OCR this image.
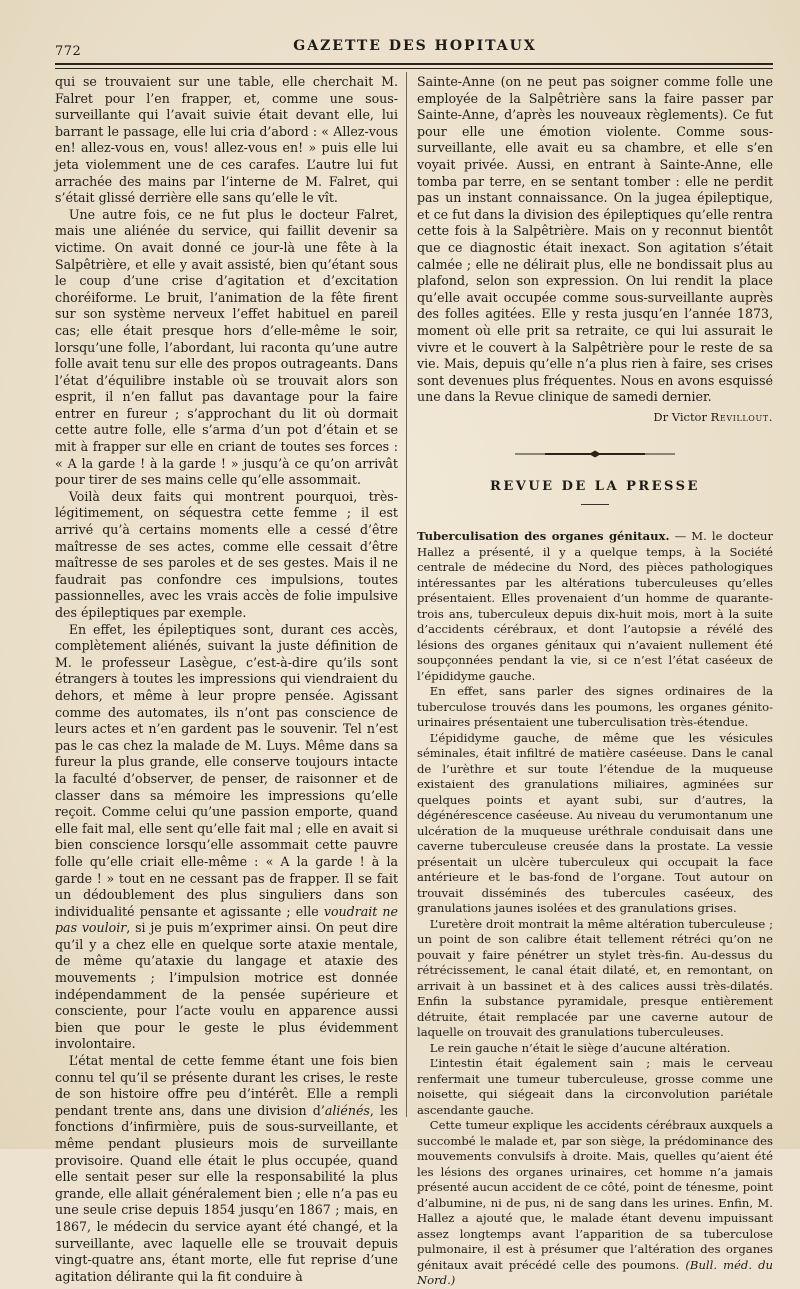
772	GAZETTE DES HOPITAUX

qui se trouvaient sur une table, elle cherchait M. Falret pour l’en frapper, et, comme une sous-surveillante qui l’avait suivie était devant elle, lui barrant le passage, elle lui cria d’abord : « Allez-vous en! allez-vous en, vous! allez-vous en! » puis elle lui jeta violemment une de ces carafes. L’autre lui fut arrachée des mains par l’interne de M. Falret, qui s’était glissé derrière elle sans qu’elle le vît.

Une autre fois, ce ne fut plus le docteur Falret, mais une aliénée du service, qui faillit devenir sa victime. On avait donné ce jour-là une fête à la Salpêtrière, et elle y avait assisté, bien qu’étant sous le coup d’une crise d’agitation et d’excitation choréiforme. Le bruit, l’animation de la fête firent sur son système nerveux l’effet habituel en pareil cas; elle était presque hors d’elle-même le soir, lorsqu’une folle, l’abordant, lui raconta qu’une autre folle avait tenu sur elle des propos outrageants. Dans l’état d’équilibre instable où se trouvait alors son esprit, il n’en fallut pas davantage pour la faire entrer en fureur ; s’approchant du lit où dormait cette autre folle, elle s’arma d’un pot d’étain et se mit à frapper sur elle en criant de toutes ses forces : « A la garde ! à la garde ! » jusqu’à ce qu’on arrivât pour tirer de ses mains celle qu’elle assommait.

Voilà deux faits qui montrent pourquoi, très-légitimement, on séquestra cette femme ; il est arrivé qu’à certains moments elle a cessé d’être maîtresse de ses actes, comme elle cessait d’être maîtresse de ses paroles et de ses gestes. Mais il ne faudrait pas confondre ces impulsions, toutes passionnelles, avec les vrais accès de folie impulsive des épileptiques par exemple.

En effet, les épileptiques sont, durant ces accès, complètement aliénés, suivant la juste définition de M. le professeur Lasègue, c’est-à-dire qu’ils sont étrangers à toutes les impressions qui viendraient du dehors, et même à leur propre pensée. Agissant comme des automates, ils n’ont pas conscience de leurs actes et n’en gardent pas le souvenir. Tel n’est pas le cas chez la malade de M. Luys. Même dans sa fureur la plus grande, elle conserve toujours intacte la faculté d’observer, de penser, de raisonner et de classer dans sa mémoire les impressions qu’elle reçoit. Comme celui qu’une passion emporte, quand elle fait mal, elle sent qu’elle fait mal ; elle en avait si bien conscience lorsqu’elle assommait cette pauvre folle qu’elle criait elle-même : « A la garde ! à la garde ! » tout en ne cessant pas de frapper. Il se fait un dédoublement des plus singuliers dans son individualité pensante et agissante ; elle voudrait ne pas vouloir, si je puis m’exprimer ainsi. On peut dire qu’il y a chez elle en quelque sorte ataxie mentale, de même qu’ataxie du langage et ataxie des mouvements ; l’impulsion motrice est donnée indépendamment de la pensée supérieure et consciente, pour l’acte voulu en apparence aussi bien que pour le geste le plus évidemment involontaire.

L’état mental de cette femme étant une fois bien connu tel qu’il se présente durant les crises, le reste de son histoire offre peu d’intérêt. Elle a rempli pendant trente ans, dans une division d’aliénés, les fonctions d’infirmière, puis de sous-surveillante, et même pendant plusieurs mois de surveillante provisoire. Quand elle était le plus occupée, quand elle sentait peser sur elle la responsabilité la plus grande, elle allait généralement bien ; elle n’a pas eu une seule crise depuis 1854 jusqu’en 1867 ; mais, en 1867, le médecin du service ayant été changé, et la surveillante, avec laquelle elle se trouvait depuis vingt-quatre ans, étant morte, elle fut reprise d’une agitation délirante qui la fit conduire à

Sainte-Anne (on ne peut pas soigner comme folle une employée de la Salpêtrière sans la faire passer par Sainte-Anne, d’après les nouveaux règlements). Ce fut pour elle une émotion violente. Comme sous-surveillante, elle avait eu sa chambre, et elle s’en voyait privée. Aussi, en entrant à Sainte-Anne, elle tomba par terre, en se sentant tomber : elle ne perdit pas un instant connaissance. On la jugea épileptique, et ce fut dans la division des épileptiques qu’elle rentra cette fois à la Salpêtrière. Mais on y reconnut bientôt que ce diagnostic était inexact. Son agitation s’était calmée ; elle ne délirait plus, elle ne bondissait plus au plafond, selon son expression. On lui rendit la place qu’elle avait occupée comme sous-surveillante auprès des folles agitées. Elle y resta jusqu’en l’année 1873, moment où elle prit sa retraite, ce qui lui assurait le vivre et le couvert à la Salpêtrière pour le reste de sa vie. Mais, depuis qu’elle n’a plus rien à faire, ses crises sont devenues plus fréquentes. Nous en avons esquissé une dans la Revue clinique de samedi dernier.

Dr Victor Revillout.
REVUE DE LA PRESSE

Tuberculisation des organes génitaux. — M. le docteur Hallez a présenté, il y a quelque temps, à la Société centrale de médecine du Nord, des pièces pathologiques intéressantes par les altérations tuberculeuses qu’elles présentaient. Elles provenaient d’un homme de quarante-trois ans, tuberculeux depuis dix-huit mois, mort à la suite d’accidents cérébraux, et dont l’autopsie a révélé des lésions des organes génitaux qui n’avaient nullement été soupçonnées pendant la vie, si ce n’est l’état caséeux de l’épididyme gauche.

En effet, sans parler des signes ordinaires de la tuberculose trouvés dans les poumons, les organes génito-urinaires présentaient une tuberculisation très-étendue.

L’épididyme gauche, de même que les vésicules séminales, était infiltré de matière caséeuse. Dans le canal de l’urèthre et sur toute l’étendue de la muqueuse existaient des granulations miliaires, agminées sur quelques points et ayant subi, sur d’autres, la dégénérescence caséeuse. Au niveau du verumontanum une ulcération de la muqueuse uréthrale conduisait dans une caverne tuberculeuse creusée dans la prostate. La vessie présentait un ulcère tuberculeux qui occupait la face antérieure et le bas-fond de l’organe. Tout autour on trouvait disséminés des tubercules caséeux, des granulations jaunes isolées et des granulations grises.

L’uretère droit montrait la même altération tuberculeuse ; un point de son calibre était tellement rétréci qu’on ne pouvait y faire pénétrer un stylet très-fin. Au-dessus du rétrécissement, le canal était dilaté, et, en remontant, on arrivait à un bassinet et à des calices aussi très-dilatés. Enfin la substance pyramidale, presque entièrement détruite, était remplacée par une caverne autour de laquelle on trouvait des granulations tuberculeuses.

Le rein gauche n’était le siège d’aucune altération.

L’intestin était également sain ; mais le cerveau renfermait une tumeur tuberculeuse, grosse comme une noisette, qui siégeait dans la circonvolution pariétale ascendante gauche.

Cette tumeur explique les accidents cérébraux auxquels a succombé le malade et, par son siège, la prédominance des mouvements convulsifs à droite. Mais, quelles qu’aient été les lésions des organes urinaires, cet homme n’a jamais présenté aucun accident de ce côté, point de ténesme, point d’albumine, ni de pus, ni de sang dans les urines. Enfin, M. Hallez a ajouté que, le malade étant devenu impuissant assez longtemps avant l’apparition de sa tuberculose pulmonaire, il est à présumer que l’altération des organes génitaux avait précédé celle des poumons. (Bull. méd. du Nord.)
